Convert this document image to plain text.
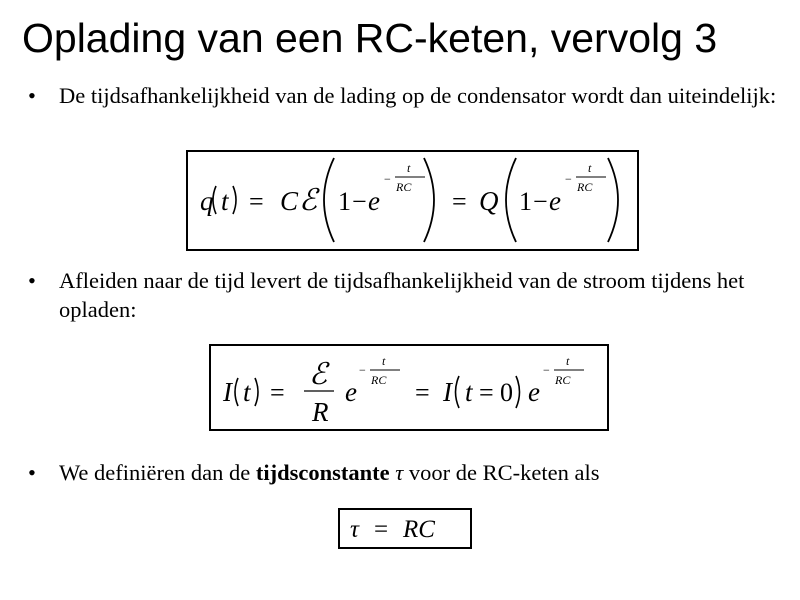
Oplading van een RC-keten, vervolg 3
• De tijdsafhankelijkheid van de lading op de condensator wordt dan uiteindelijk:
q t = C ℰ 1 − e
−
t
RC = Q 1 − e
−
t
RC
• Afleiden naar de tijd levert de tijdsafhankelijkheid van de stroom tijdens het opladen:
I t =
ℰ
R
e
−
t
RC = I t = 0 e
−
t
RC
• We definiëren dan de tijdsconstante τ voor de RC-keten als
τ = RC
